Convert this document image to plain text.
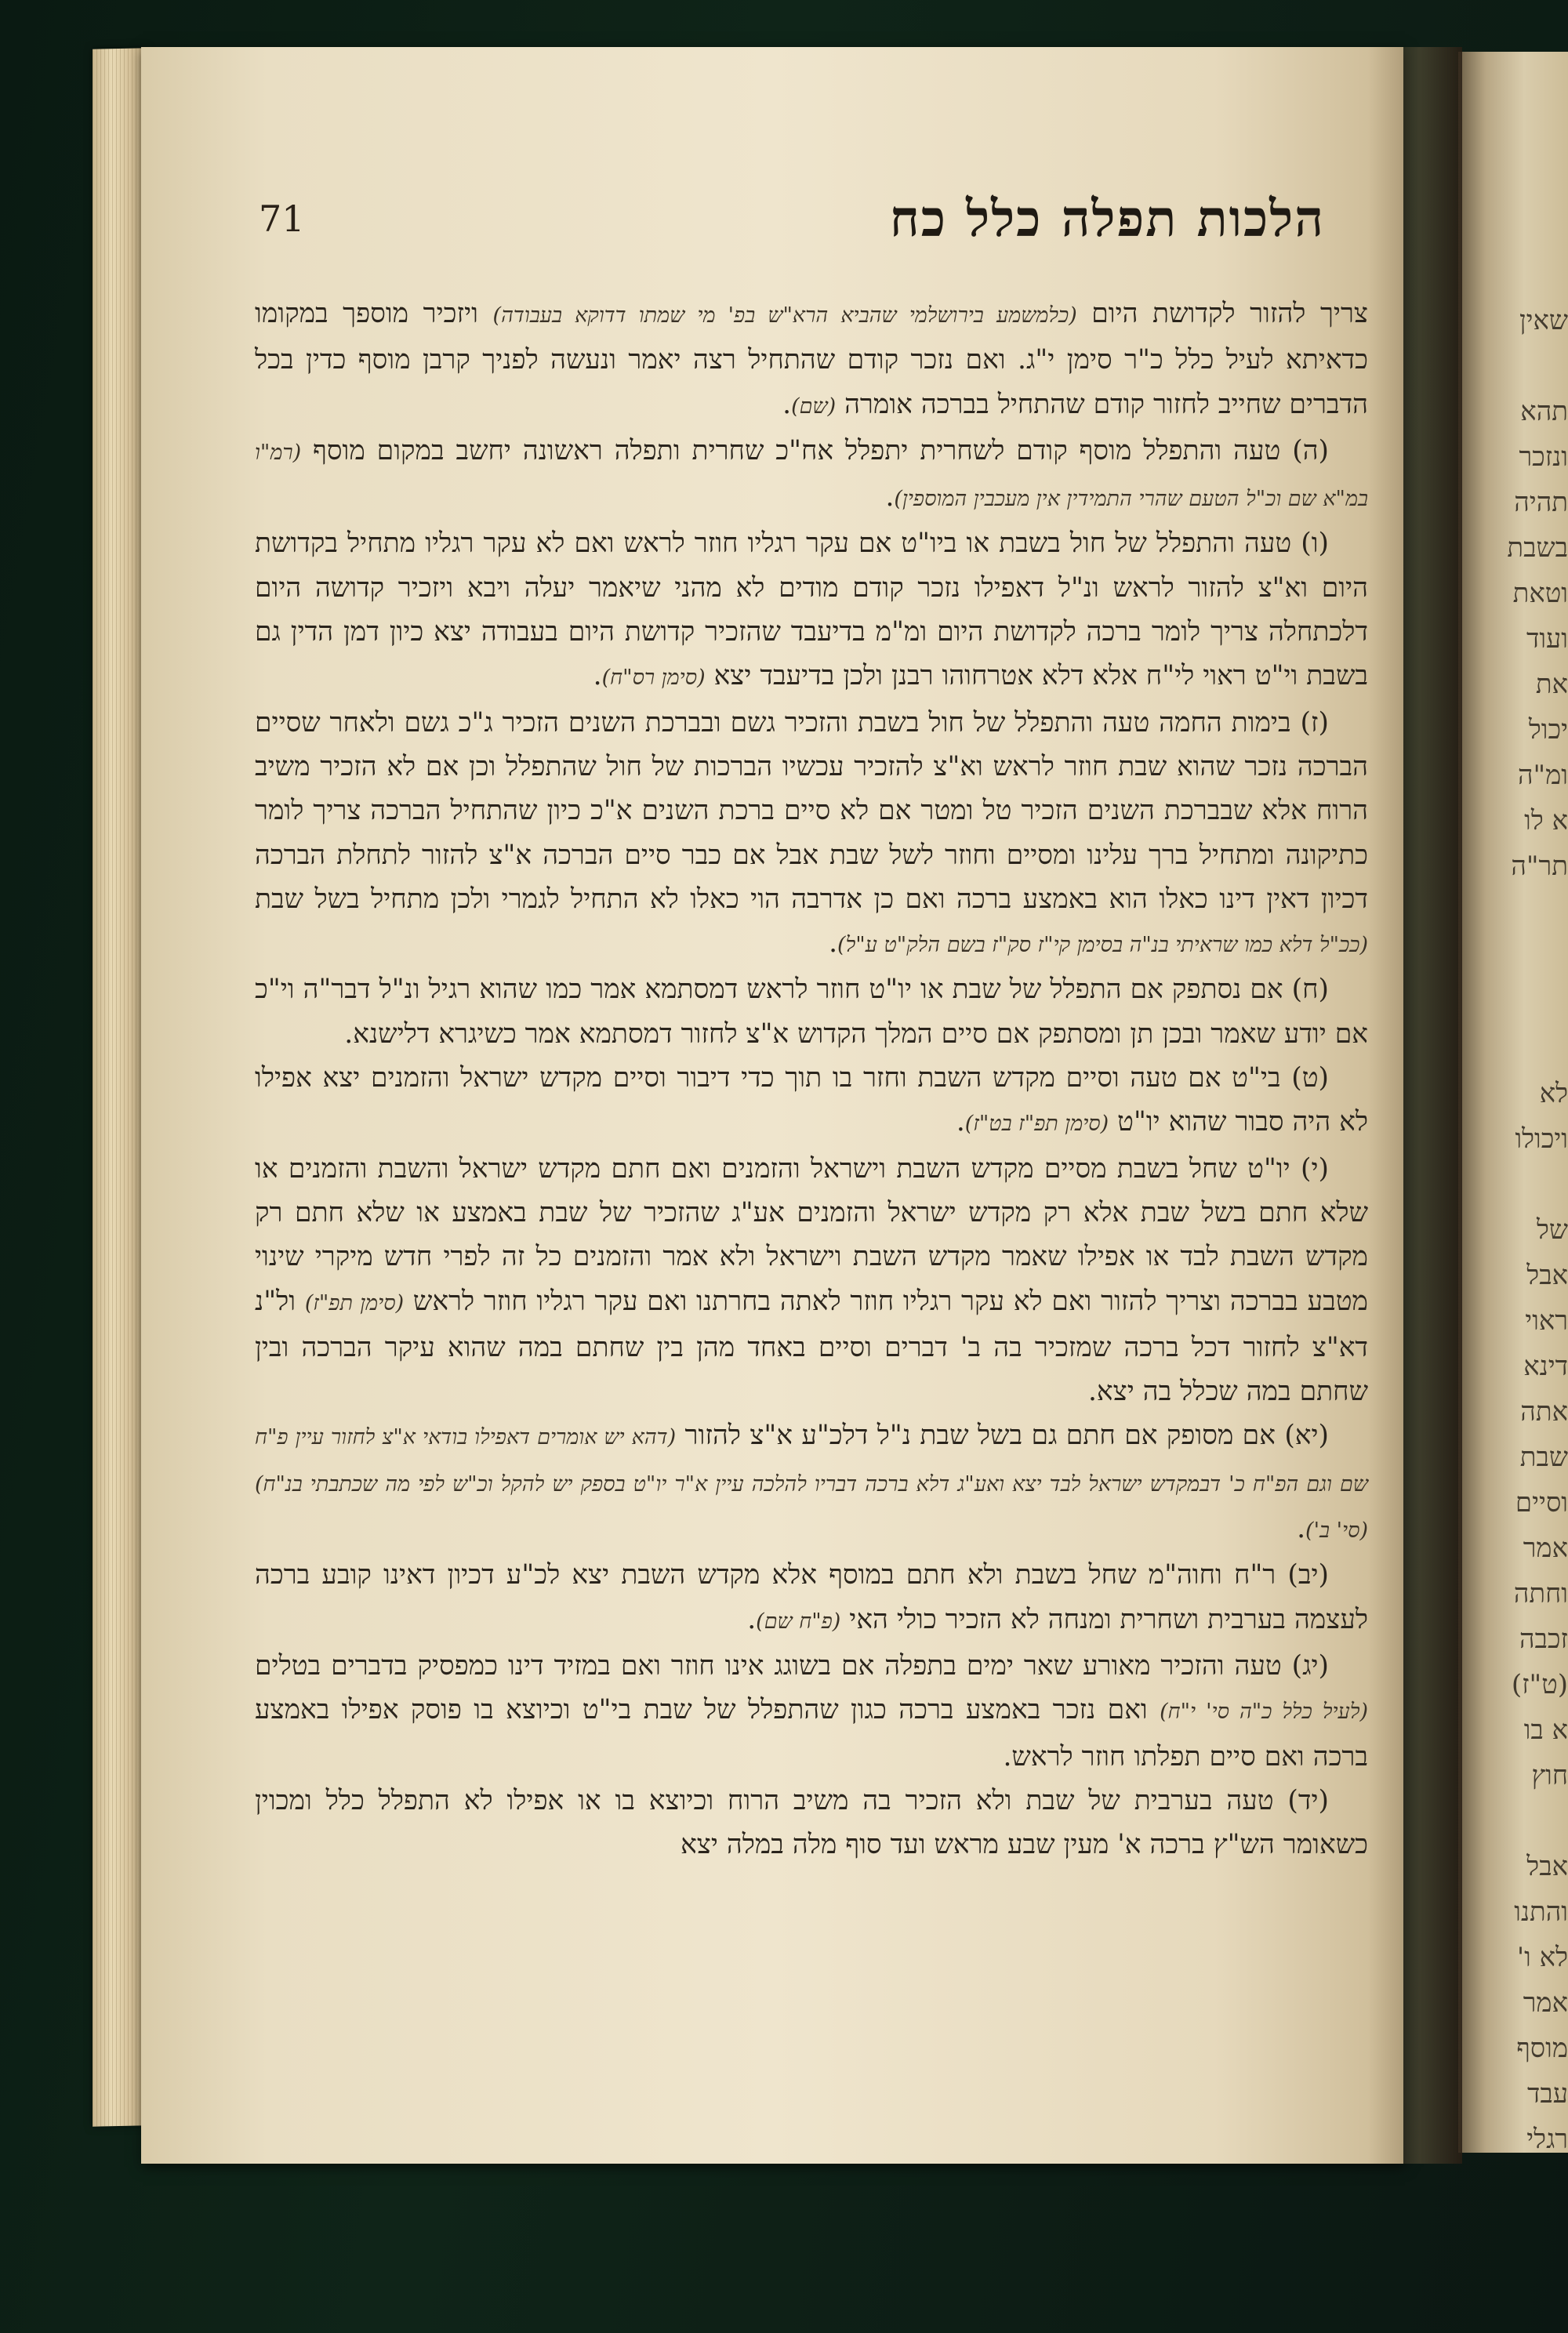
שאין
תהא
ונזכר
תהיה
בשבת
וטאת
ועוד
את
יכול
ומ"ה
א לו
תר"ה
לא
ויכולו
של
אבל
ראוי
דינא
אתה
שבת
וסיים
אמר
וחתה
זכבה
(ט"ז)
א בו
חוץ
אבל
והתנו
לא ו'
אמר
מוסף
עבד
רגלי
71	הלכות תפלה כלל כח

צריך להזור לקדושת היום (כלמשמע בירושלמי שהביא הרא"ש בפ' מי שמתו דדוקא בעבודה) ויזכיר מוספך במקומו כדאיתא לעיל כלל כ"ר סימן י"ג. ואם נזכר קודם שהתחיל רצה יאמר ונעשה לפניך קרבן מוסף כדין בכל הדברים שחייב לחזור קודם שהתחיל בברכה אומרה (שם).

(ה) טעה והתפלל מוסף קודם לשחרית יתפלל אח"כ שחרית ותפלה ראשונה יחשב במקום מוסף (רמ"ו במ"א שם וכ"ל הטעם שהרי התמידין אין מעכבין המוספין).

(ו) טעה והתפלל של חול בשבת או ביו"ט אם עקר רגליו חוזר לראש ואם לא עקר רגליו מתחיל בקדושת היום וא"צ להזור לראש ונ"ל דאפילו נזכר קודם מודים לא מהני שיאמר יעלה ויבא ויזכיר קדושה היום דלכתחלה צריך לומר ברכה לקדושת היום ומ"מ בדיעבד שהזכיר קדושת היום בעבודה יצא כיון דמן הדין גם בשבת וי"ט ראוי לי"ח אלא דלא אטרחוהו רבנן ולכן בדיעבד יצא (סימן רס"ח).

(ז) בימות החמה טעה והתפלל של חול בשבת והזכיר גשם ובברכת השנים הזכיר ג"כ גשם ולאחר שסיים הברכה נזכר שהוא שבת חוזר לראש וא"צ להזכיר עכשיו הברכות של חול שהתפלל וכן אם לא הזכיר משיב הרוח אלא שבברכת השנים הזכיר טל ומטר אם לא סיים ברכת השנים א"כ כיון שהתחיל הברכה צריך לומר כתיקונה ומתחיל ברך עלינו ומסיים וחוזר לשל שבת אבל אם כבר סיים הברכה א"צ להזור לתחלת הברכה דכיון דאין דינו כאלו הוא באמצע ברכה ואם כן אדרבה הוי כאלו לא התחיל לגמרי ולכן מתחיל בשל שבת (ככ"ל דלא כמו שראיתי בנ"ה בסימן קי"ז סק"ז בשם הלק"ט ע"ל).

(ח) אם נסתפק אם התפלל של שבת או יו"ט חוזר לראש דמסתמא אמר כמו שהוא רגיל ונ"ל דבר"ה וי"כ אם יודע שאמר ובכן תן ומסתפק אם סיים המלך הקדוש א"צ לחזור דמסתמא אמר כשיגרא דלישנא.

(ט) בי"ט אם טעה וסיים מקדש השבת וחזר בו תוך כדי דיבור וסיים מקדש ישראל והזמנים יצא אפילו לא היה סבור שהוא יו"ט (סימן תפ"ז בט"ז).

(י) יו"ט שחל בשבת מסיים מקדש השבת וישראל והזמנים ואם חתם מקדש ישראל והשבת והזמנים או שלא חתם בשל שבת אלא רק מקדש ישראל והזמנים אע"ג שהזכיר של שבת באמצע או שלא חתם רק מקדש השבת לבד או אפילו שאמר מקדש השבת וישראל ולא אמר והזמנים כל זה לפרי חדש מיקרי שינוי מטבע בברכה וצריך להזור ואם לא עקר רגליו חוזר לאתה בחרתנו ואם עקר רגליו חוזר לראש (סימן תפ"ז) ול"נ דא"צ לחזור דכל ברכה שמזכיר בה ב' דברים וסיים באחד מהן בין שחתם במה שהוא עיקר הברכה ובין שחתם במה שכלל בה יצא.

(יא) אם מסופק אם חתם גם בשל שבת נ"ל דלכ"ע א"צ להזור (דהא יש אומרים דאפילו בודאי א"צ לחזור עיין פ"ח שם וגם הפ"ח כ' דבמקדש ישראל לבד יצא ואע"ג דלא ברכה דבריו להלכה עיין א"ר יו"ט בספק יש להקל וכ"ש לפי מה שכתבתי בנ"ח) (סי' ב').

(יב) ר"ח וחוה"מ שחל בשבת ולא חתם במוסף אלא מקדש השבת יצא לכ"ע דכיון דאינו קובע ברכה לעצמה בערבית ושחרית ומנחה לא הזכיר כולי האי (פ"ח שם).

(יג) טעה והזכיר מאורע שאר ימים בתפלה אם בשוגג אינו חוזר ואם במזיד דינו כמפסיק בדברים בטלים (לעיל כלל כ"ה סי' י"ח) ואם נזכר באמצע ברכה כגון שהתפלל של שבת בי"ט וכיוצא בו פוסק אפילו באמצע ברכה ואם סיים תפלתו חוזר לראש.

(יד) טעה בערבית של שבת ולא הזכיר בה משיב הרוח וכיוצא בו או אפילו לא התפלל כלל ומכוין כשאומר הש"ץ ברכה א' מעין שבע מראש ועד סוף מלה במלה יצא
